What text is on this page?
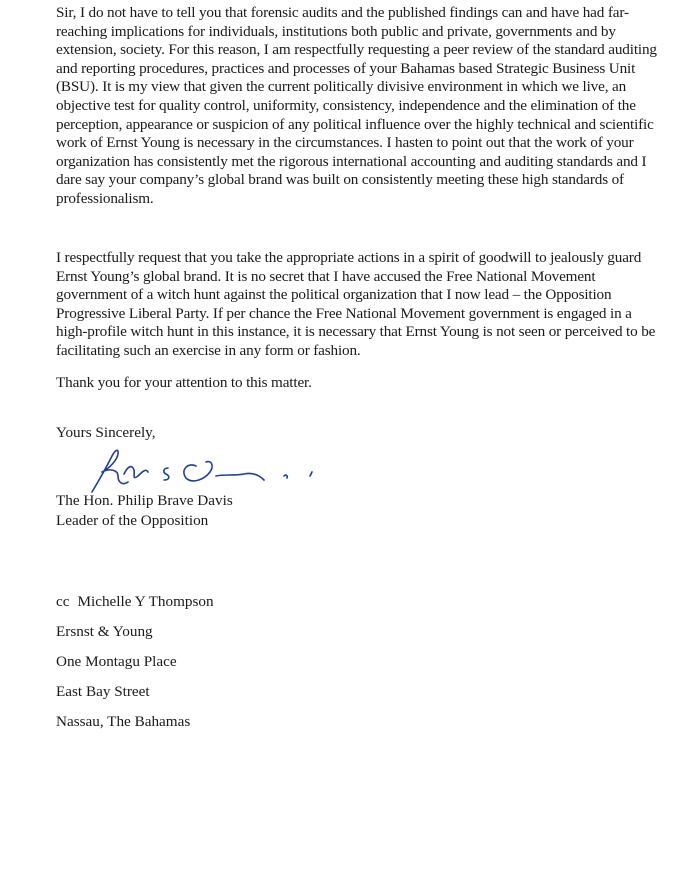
Sir, I do not have to tell you that forensic audits and the published findings can and have had far-reaching implications for individuals, institutions both public and private, governments and by extension, society. For this reason, I am respectfully requesting a peer review of the standard auditing and reporting procedures, practices and processes of your Bahamas based Strategic Business Unit (BSU). It is my view that given the current politically divisive environment in which we live, an objective test for quality control, uniformity, consistency, independence and the elimination of the perception, appearance or suspicion of any political influence over the highly technical and scientific work of Ernst Young is necessary in the circumstances. I hasten to point out that the work of your organization has consistently met the rigorous international accounting and auditing standards and I dare say your company’s global brand was built on consistently meeting these high standards of professionalism.

I respectfully request that you take the appropriate actions in a spirit of goodwill to jealously guard Ernst Young’s global brand. It is no secret that I have accused the Free National Movement government of a witch hunt against the political organization that I now lead – the Opposition Progressive Liberal Party. If per chance the Free National Movement government is engaged in a high-profile witch hunt in this instance, it is necessary that Ernst Young is not seen or perceived to be facilitating such an exercise in any form or fashion.

Thank you for your attention to this matter.

Yours Sincerely,

The Hon. Philip Brave Davis
Leader of the Opposition
cc Michelle Y Thompson
Ersnst & Young
One Montagu Place
East Bay Street
Nassau, The Bahamas
